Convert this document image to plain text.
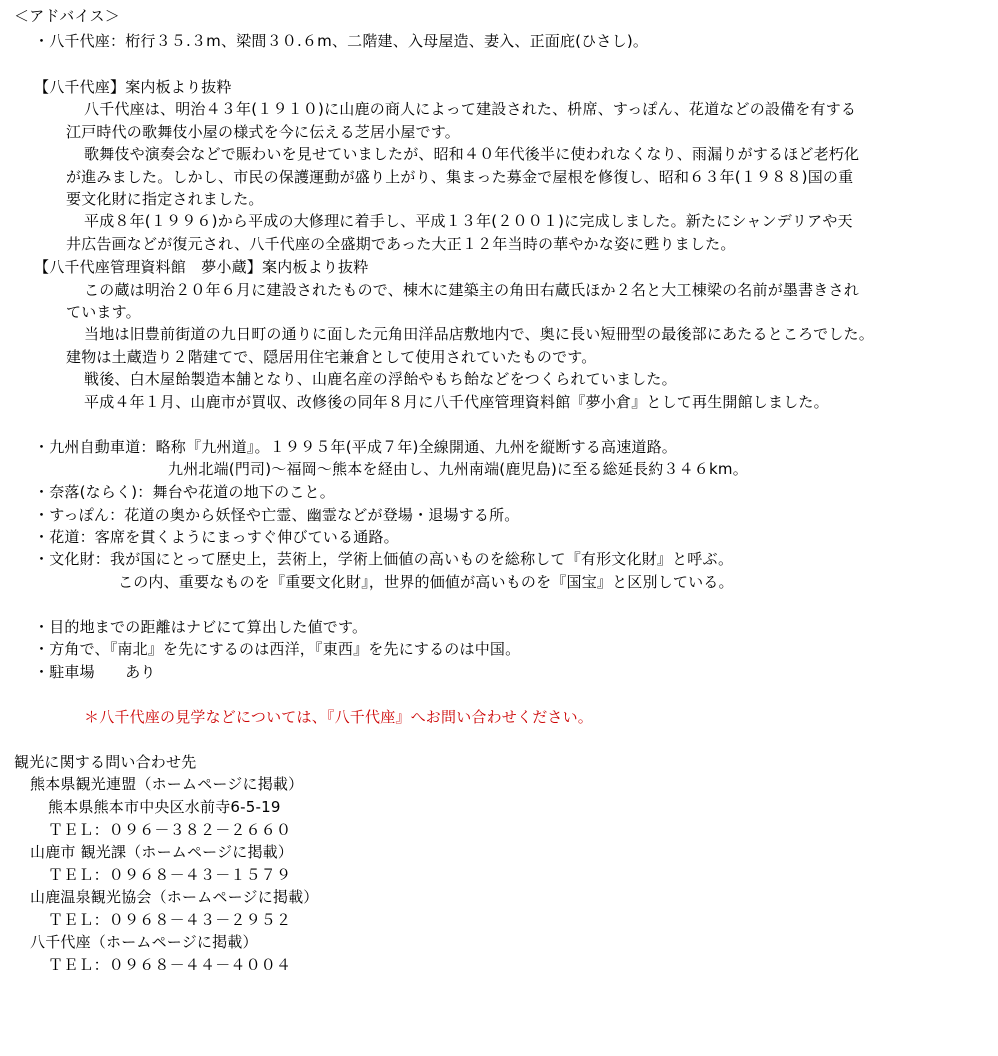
＜アドバイス＞
・八千代座：桁行３５.３m、梁間３０.６m、二階建、入母屋造、妻入、正面庇(ひさし)。
【八千代座】案内板より抜粋
八千代座は、明治４３年(１９１０)に山鹿の商人によって建設された、枡席、すっぽん、花道などの設備を有する
江戸時代の歌舞伎小屋の様式を今に伝える芝居小屋です。
歌舞伎や演奏会などで賑わいを見せていましたが、昭和４０年代後半に使われなくなり、雨漏りがするほど老朽化
が進みました。しかし、市民の保護運動が盛り上がり、集まった募金で屋根を修復し、昭和６３年(１９８８)国の重
要文化財に指定されました。
平成８年(１９９６)から平成の大修理に着手し、平成１３年(２００１)に完成しました。新たにシャンデリアや天
井広告画などが復元され、八千代座の全盛期であった大正１２年当時の華やかな姿に甦りました。
【八千代座管理資料館　夢小蔵】案内板より抜粋
この蔵は明治２０年６月に建設されたもので、棟木に建築主の角田右蔵氏ほか２名と大工棟梁の名前が墨書きされ
ています。
当地は旧豊前街道の九日町の通りに面した元角田洋品店敷地内で、奥に長い短冊型の最後部にあたるところでした。
建物は土蔵造り２階建てで、隠居用住宅兼倉として使用されていたものです。
戦後、白木屋飴製造本舗となり、山鹿名産の浮飴やもち飴などをつくられていました。
平成４年１月、山鹿市が買収、改修後の同年８月に八千代座管理資料館『夢小倉』として再生開館しました。
・九州自動車道：略称『九州道』。１９９５年(平成７年)全線開通、九州を縦断する高速道路。
九州北端(門司)～福岡～熊本を経由し、九州南端(鹿児島)に至る総延長約３４６km。
・奈落(ならく)：舞台や花道の地下のこと。
・すっぽん：花道の奥から妖怪や亡霊、幽霊などが登場・退場する所。
・花道：客席を貫くようにまっすぐ伸びている通路。
・文化財：我が国にとって歴史上，芸術上，学術上価値の高いものを総称して『有形文化財』と呼ぶ。
この内、重要なものを『重要文化財』，世界的価値が高いものを『国宝』と区別している。
・目的地までの距離はナビにて算出した値です。
・方角で、『南北』を先にするのは西洋，『東西』を先にするのは中国。
・駐車場　　あり
＊八千代座の見学などについては、『八千代座』へお問い合わせください。
観光に関する問い合わせ先
熊本県観光連盟（ホームページに掲載）
熊本県熊本市中央区水前寺6-5-19
ＴＥＬ：０９６－３８２－２６６０
山鹿市 観光課（ホームページに掲載）
ＴＥＬ：０９６８－４３－１５７９
山鹿温泉観光協会（ホームページに掲載）
ＴＥＬ：０９６８－４３－２９５２
八千代座（ホームページに掲載）
ＴＥＬ：０９６８－４４－４００４
